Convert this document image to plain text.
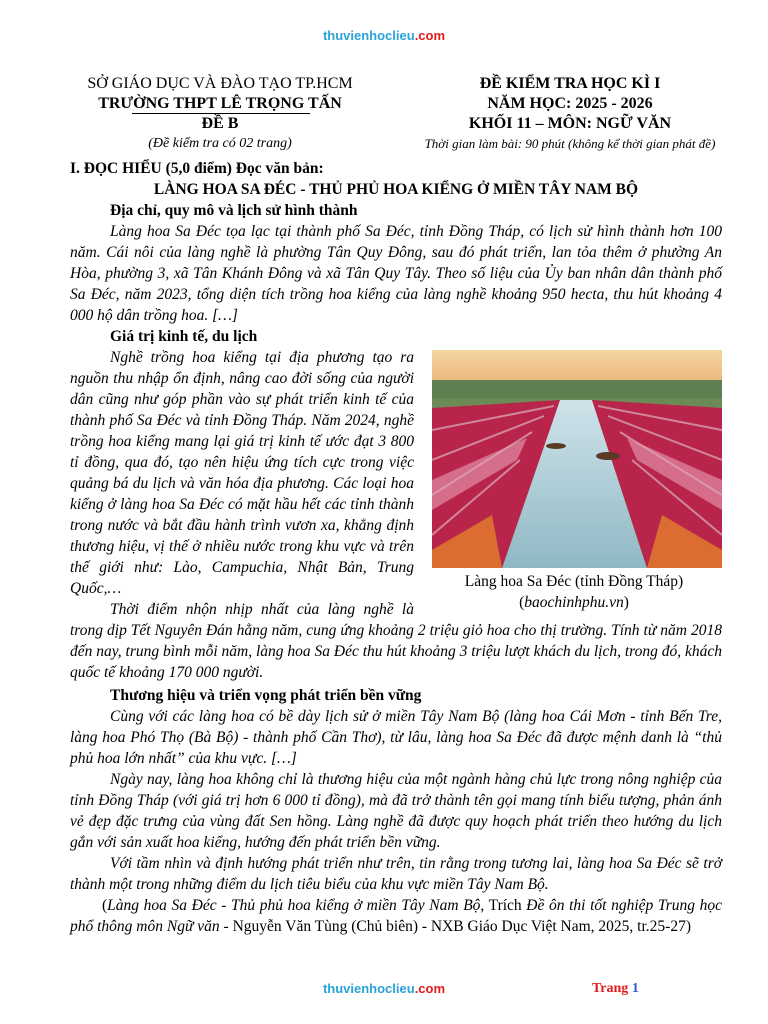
thuvienhoclieu.com
SỞ GIÁO DỤC VÀ ĐÀO TẠO TP.HCM
TRƯỜNG THPT LÊ TRỌNG TẤN
ĐỀ B
(Đề kiểm tra có 02 trang)
ĐỀ KIỂM TRA HỌC KÌ I
NĂM HỌC: 2025 - 2026
KHỐI 11 – MÔN: NGỮ VĂN
Thời gian làm bài: 90 phút (không kể thời gian phát đề)
I. ĐỌC HIỂU (5,0 điểm) Đọc văn bản:
LÀNG HOA SA ĐÉC - THỦ PHỦ HOA KIỂNG Ở MIỀN TÂY NAM BỘ
Địa chỉ, quy mô và lịch sử hình thành
Làng hoa Sa Đéc tọa lạc tại thành phố Sa Đéc, tỉnh Đồng Tháp, có lịch sử hình thành hơn 100 năm. Cái nôi của làng nghề là phường Tân Quy Đông, sau đó phát triển, lan tỏa thêm ở phường An Hòa, phường 3, xã Tân Khánh Đông và xã Tân Quy Tây. Theo số liệu của Ủy ban nhân dân thành phố Sa Đéc, năm 2023, tổng diện tích trồng hoa kiểng của làng nghề khoảng 950 hecta, thu hút khoảng 4 000 hộ dân trồng hoa. […]
Giá trị kinh tế, du lịch
Làng hoa Sa Đéc (tỉnh Đồng Tháp)
(baochinhphu.vn)
Nghề trồng hoa kiểng tại địa phương tạo ra nguồn thu nhập ổn định, nâng cao đời sống của người dân cũng như góp phần vào sự phát triển kinh tế của thành phố Sa Đéc và tỉnh Đồng Tháp. Năm 2024, nghề trồng hoa kiểng mang lại giá trị kinh tế ước đạt 3 800 tỉ đồng, qua đó, tạo nên hiệu ứng tích cực trong việc quảng bá du lịch và văn hóa địa phương. Các loại hoa kiểng ở làng hoa Sa Đéc có mặt hầu hết các tỉnh thành trong nước và bắt đầu hành trình vươn xa, khẳng định thương hiệu, vị thế ở nhiều nước trong khu vực và trên thế giới như: Lào, Campuchia, Nhật Bản, Trung Quốc,…
Thời điểm nhộn nhịp nhất của làng nghề là trong dịp Tết Nguyên Đán hằng năm, cung ứng khoảng 2 triệu giỏ hoa cho thị trường. Tính từ năm 2018 đến nay, trung bình mỗi năm, làng hoa Sa Đéc thu hút khoảng 3 triệu lượt khách du lịch, trong đó, khách quốc tế khoảng 170 000 người.
Thương hiệu và triển vọng phát triển bền vững
Cùng với các làng hoa có bề dày lịch sử ở miền Tây Nam Bộ (làng hoa Cái Mơn - tỉnh Bến Tre, làng hoa Phó Thọ (Bà Bộ) - thành phố Cần Thơ), từ lâu, làng hoa Sa Đéc đã được mệnh danh là “thủ phủ hoa lớn nhất” của khu vực. […]
Ngày nay, làng hoa không chỉ là thương hiệu của một ngành hàng chủ lực trong nông nghiệp của tỉnh Đồng Tháp (với giá trị hơn 6 000 tỉ đồng), mà đã trở thành tên gọi mang tính biểu tượng, phản ánh vẻ đẹp đặc trưng của vùng đất Sen hồng. Làng nghề đã được quy hoạch phát triển theo hướng du lịch gắn với sản xuất hoa kiểng, hướng đến phát triển bền vững.
Với tầm nhìn và định hướng phát triển như trên, tin rằng trong tương lai, làng hoa Sa Đéc sẽ trở thành một trong những điểm du lịch tiêu biểu của khu vực miền Tây Nam Bộ.
(Làng hoa Sa Đéc - Thủ phủ hoa kiểng ở miền Tây Nam Bộ, Trích Đề ôn thi tốt nghiệp Trung học phổ thông môn Ngữ văn - Nguyễn Văn Tùng (Chủ biên) - NXB Giáo Dục Việt Nam, 2025, tr.25-27)
thuvienhoclieu.com	Trang 1
